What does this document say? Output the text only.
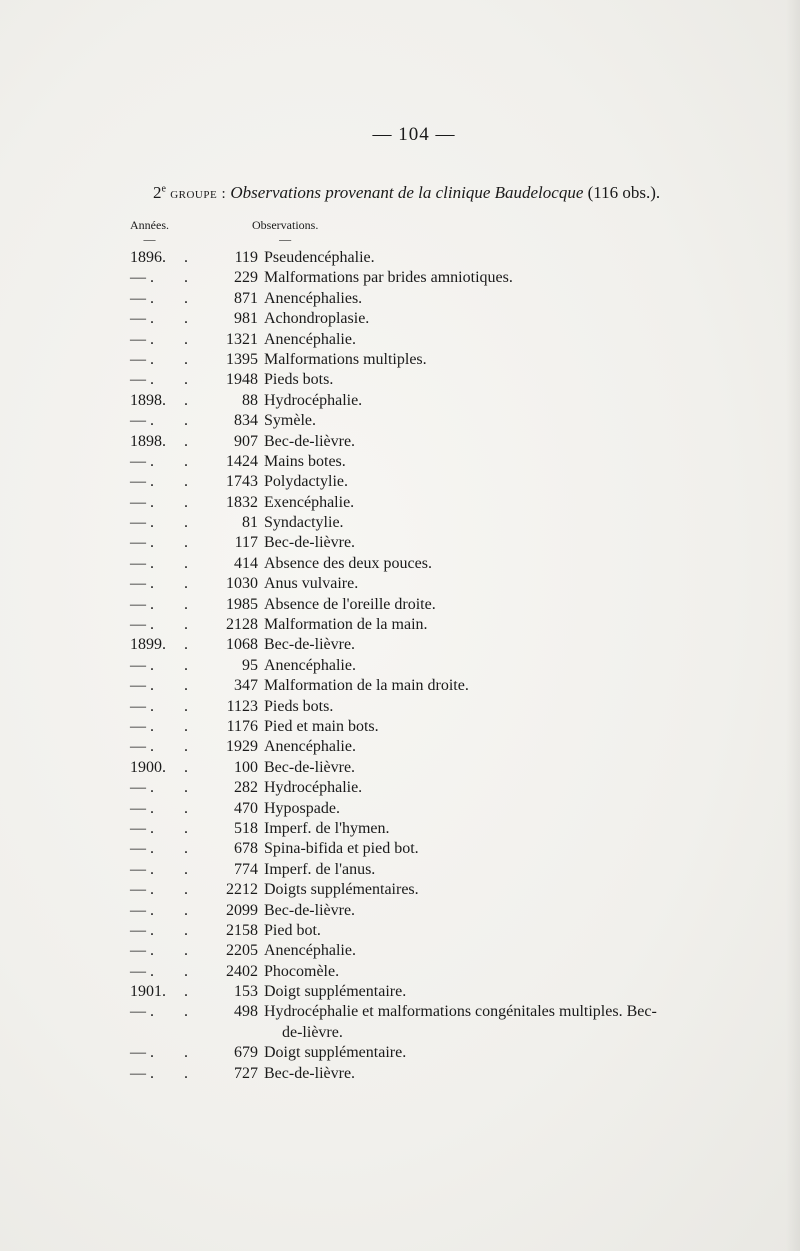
— 104 —
2e groupe : Observations provenant de la clinique Baudelocque (116 obs.).
Années.
—
Observations.
—
1896.	.	119 Pseudencéphalie.
— .	.	229 Malformations par brides amniotiques.
— .	.	871 Anencéphalies.
— .	.	981 Achondroplasie.
— .	.	1321 Anencéphalie.
— .	.	1395 Malformations multiples.
— .	.	1948 Pieds bots.
1898.	.	88 Hydrocéphalie.
— .	.	834 Symèle.
1898.	.	907 Bec-de-lièvre.
— .	.	1424 Mains botes.
— .	.	1743 Polydactylie.
— .	.	1832 Exencéphalie.
— .	.	81 Syndactylie.
— .	.	117 Bec-de-lièvre.
— .	.	414 Absence des deux pouces.
— .	.	1030 Anus vulvaire.
— .	.	1985 Absence de l'oreille droite.
— .	.	2128 Malformation de la main.
1899.	.	1068 Bec-de-lièvre.
— .	.	95 Anencéphalie.
— .	.	347 Malformation de la main droite.
— .	.	1123 Pieds bots.
— .	.	1176 Pied et main bots.
— .	.	1929 Anencéphalie.
1900.	.	100 Bec-de-lièvre.
— .	.	282 Hydrocéphalie.
— .	.	470 Hypospade.
— .	.	518 Imperf. de l'hymen.
— .	.	678 Spina-bifida et pied bot.
— .	.	774 Imperf. de l'anus.
— .	.	2212 Doigts supplémentaires.
— .	.	2099 Bec-de-lièvre.
— .	.	2158 Pied bot.
— .	.	2205 Anencéphalie.
— .	.	2402 Phocomèle.
1901.	.	153 Doigt supplémentaire.
— .	.	498 Hydrocéphalie et malformations congénitales multiples. Bec-
de-lièvre.
— .	.	679 Doigt supplémentaire.
— .	.	727 Bec-de-lièvre.
